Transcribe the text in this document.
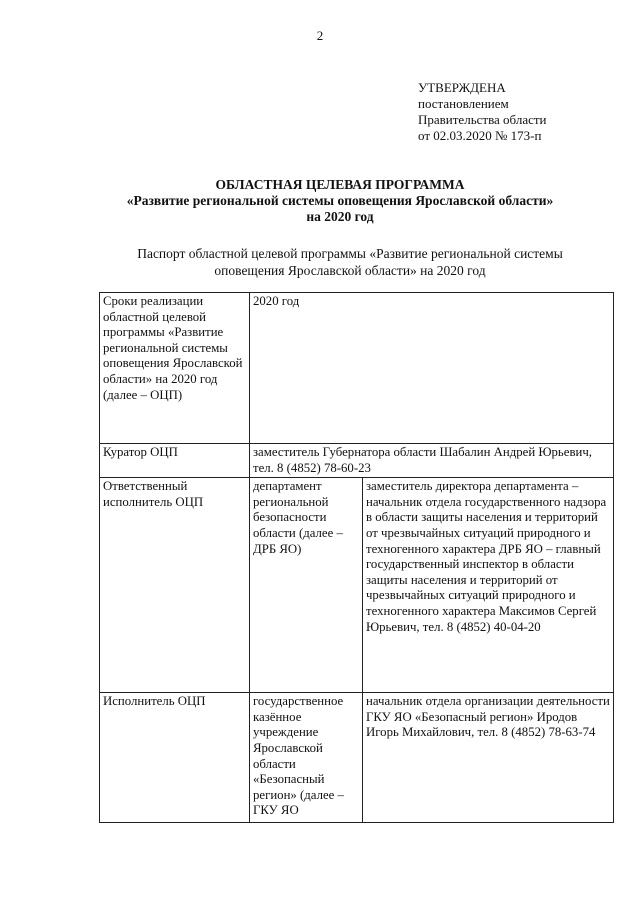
2
УТВЕРЖДЕНА
постановлением
Правительства области
от 02.03.2020 № 173-п
ОБЛАСТНАЯ ЦЕЛЕВАЯ ПРОГРАММА
«Развитие региональной системы оповещения Ярославской области»
на 2020 год
Паспорт областной целевой программы «Развитие региональной системы
оповещения Ярославской области» на 2020 год
Сроки реализации областной целевой программы «Развитие региональной системы оповещения Ярославской области» на 2020 год (далее – ОЦП)	2020 год	

Куратор ОЦП	заместитель Губернатора области Шабалин Андрей Юрьевич, тел. 8 (4852) 78-60-23	

Ответственный исполнитель ОЦП	департамент региональной безопасности области (далее – ДРБ ЯО)	заместитель директора департамента – начальник отдела государственного надзора в области защиты населения и территорий от чрезвычайных ситуаций природного и техногенного характера ДРБ ЯО – главный государственный инспектор в области защиты населения и территорий от чрезвычайных ситуаций природного и техногенного характера Максимов Сергей Юрьевич, тел. 8 (4852) 40-04-20

Исполнитель ОЦП	государственное казённое учреждение Ярославской области «Безопасный регион» (далее – ГКУ ЯО	начальник отдела организации деятельности ГКУ ЯО «Безопасный регион» Иродов Игорь Михайлович, тел. 8 (4852) 78-63-74
